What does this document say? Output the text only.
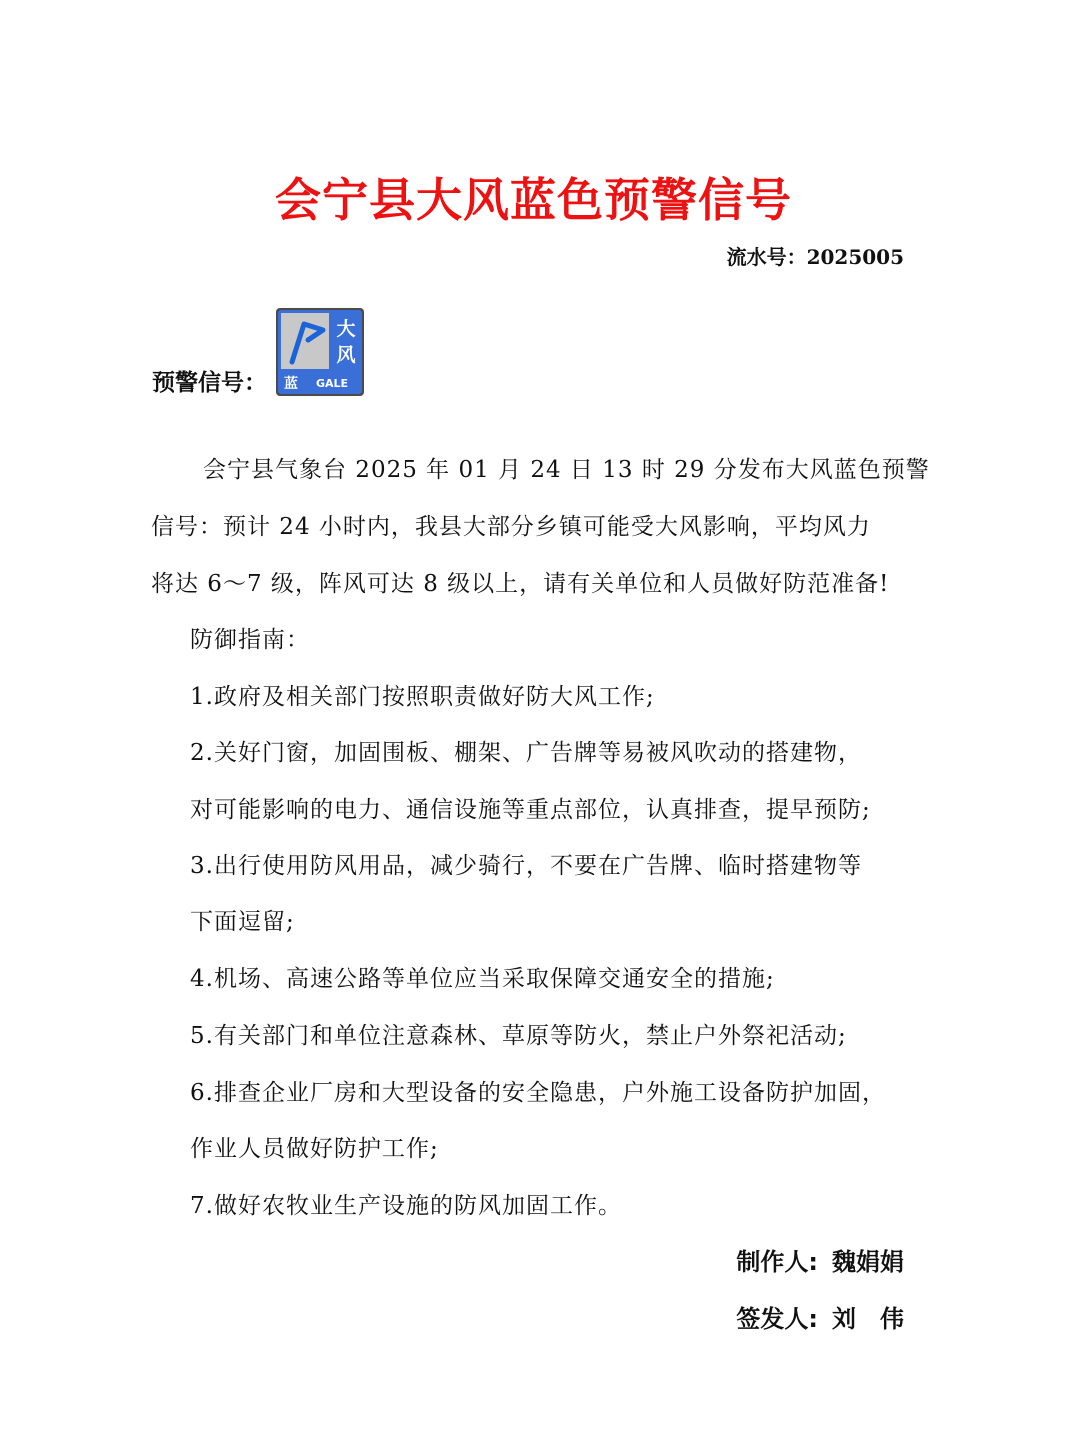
会宁县大风蓝色预警信号
流水号：2025005
预警信号：
大
风
蓝 GALE
会宁县气象台 2025 年 01 月 24 日 13 时 29 分发布大风蓝色预警
信号：预计 24 小时内，我县大部分乡镇可能受大风影响，平均风力
将达 6～7 级，阵风可达 8 级以上，请有关单位和人员做好防范准备!
防御指南：
1.政府及相关部门按照职责做好防大风工作;
2.关好门窗，加固围板、棚架、广告牌等易被风吹动的搭建物，
对可能影响的电力、通信设施等重点部位，认真排查，提早预防;
3.出行使用防风用品，减少骑行，不要在广告牌、临时搭建物等
下面逗留;
4.机场、高速公路等单位应当采取保障交通安全的措施;
5.有关部门和单位注意森林、草原等防火，禁止户外祭祀活动;
6.排查企业厂房和大型设备的安全隐患，户外施工设备防护加固，
作业人员做好防护工作;
7.做好农牧业生产设施的防风加固工作。
制作人: 魏娟娟
签发人: 刘　伟
